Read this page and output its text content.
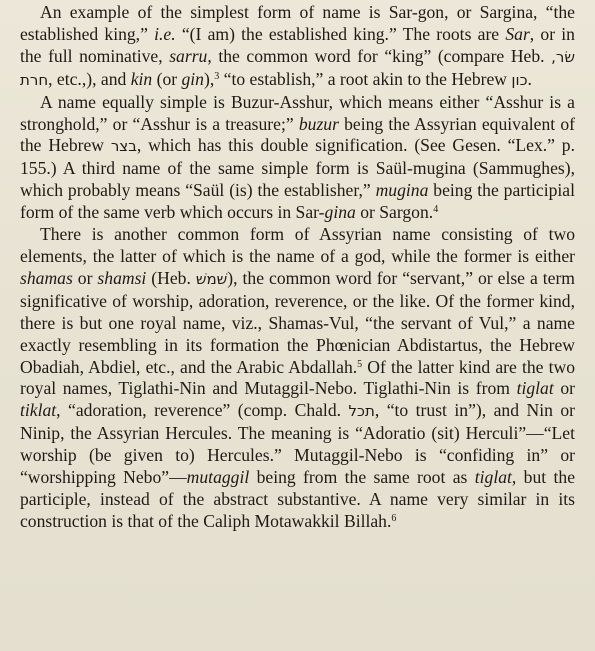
An example of the simplest form of name is Sar-gon, or Sargina, “the established king,” i.e. “(I am) the established king.” The roots are Sar, or in the full nominative, sarru, the common word for “king” (compare Heb. שׂר, חרת, etc.,), and kin (or gin),$^3$ “to establish,” a root akin to the Hebrew כון.

A name equally simple is Buzur-Asshur, which means either “Asshur is a stronghold,” or “Asshur is a treasure;” buzur being the Assyrian equivalent of the Hebrew בצר, which has this double signification. (See Gesen. “Lex.” p. 155.) A third name of the same simple form is Saül-mugina (Sammughes), which probably means “Saül (is) the establisher,” mugina being the participial form of the same verb which occurs in Sar-gina or Sargon.$^4$

There is another common form of Assyrian name consisting of two elements, the latter of which is the name of a god, while the former is either shamas or shamsi (Heb. שׁמשׁ), the common word for “servant,” or else a term significative of worship, adoration, reverence, or the like. Of the former kind, there is but one royal name, viz., Shamas-Vul, “the servant of Vul,” a name exactly resembling in its formation the Phœnician Abdistartus, the Hebrew Obadiah, Abdiel, etc., and the Arabic Abdallah.$^5$ Of the latter kind are the two royal names, Tiglathi-Nin and Mutaggil-Nebo. Tiglathi-Nin is from tiglat or tiklat, “adoration, reverence” (comp. Chald. תכל, “to trust in”), and Nin or Ninip, the Assyrian Hercules. The meaning is “Adoratio (sit) Herculi”—“Let worship (be given to) Hercules.” Mutaggil-Nebo is “confiding in” or “worshipping Nebo”—mutaggil being from the same root as tiglat, but the participle, instead of the abstract substantive. A name very similar in its construction is that of the Caliph Motawakkil Billah.$^6$
